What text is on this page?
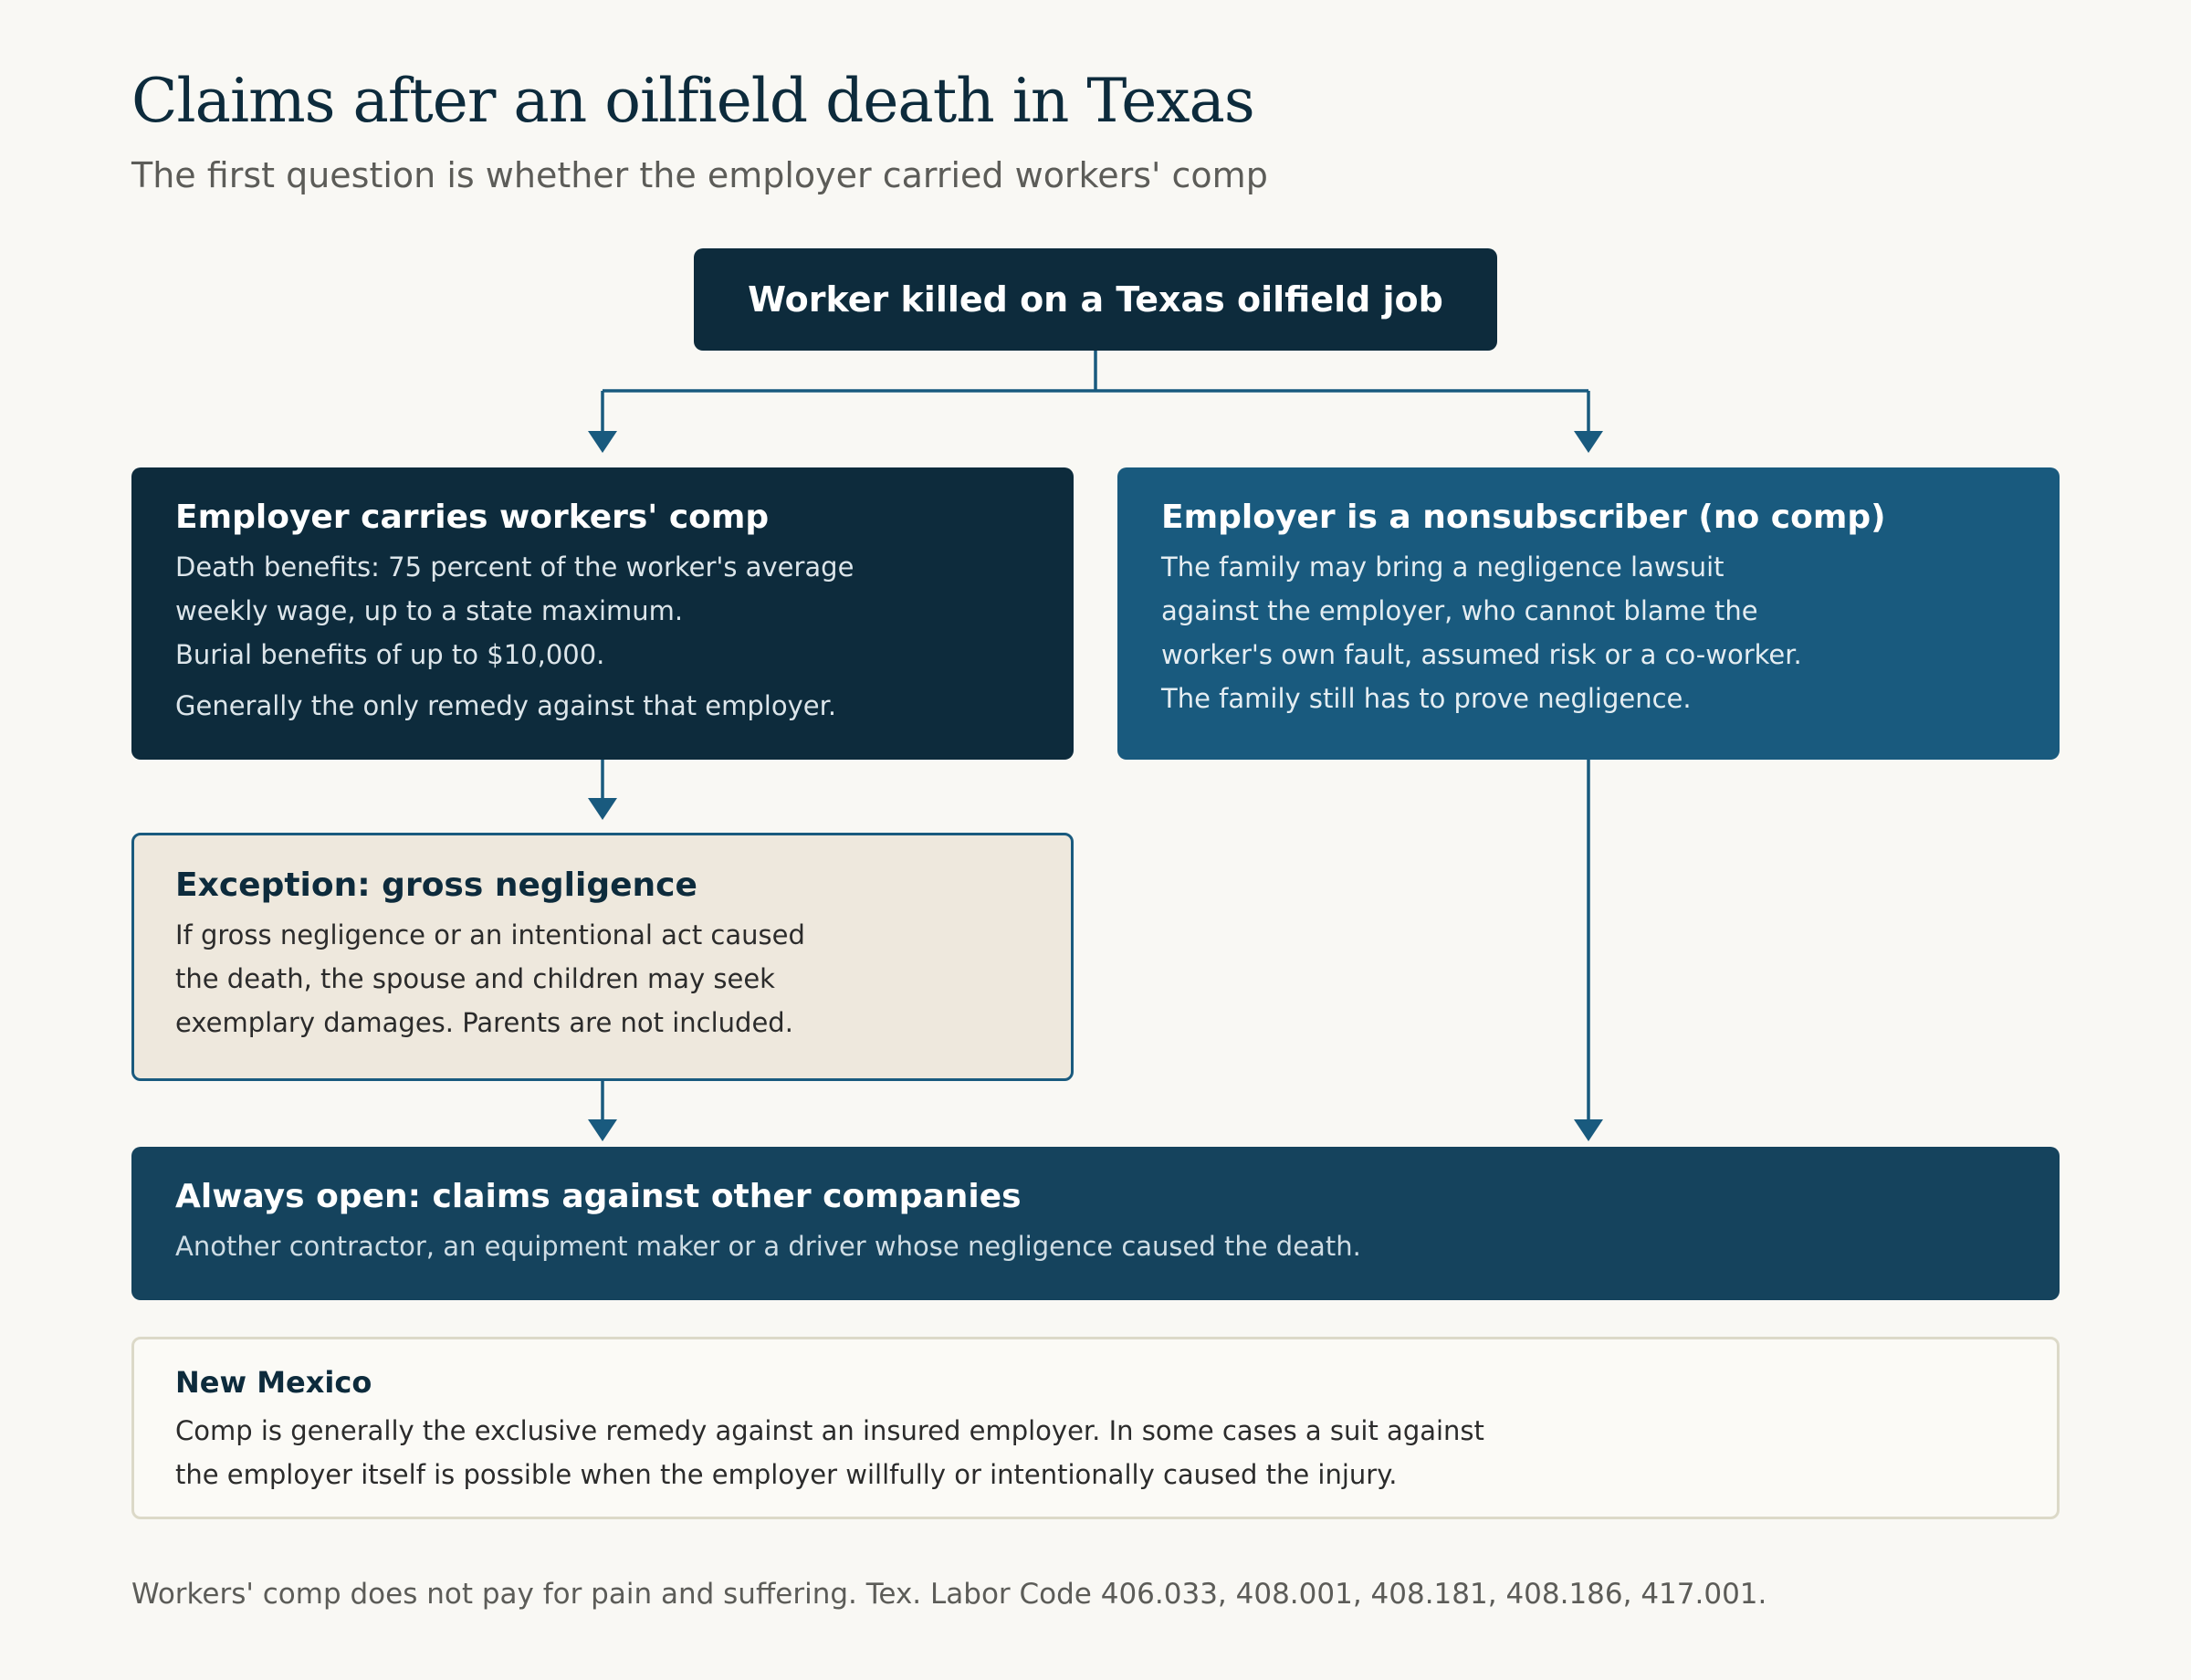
Claims after an oilfield death in Texas
The first question is whether the employer carried workers' comp
Worker killed on a Texas oilfield job
Employer carries workers' comp

Death benefits: 75 percent of the worker's average

weekly wage, up to a state maximum.

Burial benefits of up to $10,000.

Generally the only remedy against that employer.

Employer is a nonsubscriber (no comp)

The family may bring a negligence lawsuit against the employer, who cannot blame the worker's own fault, assumed risk or a co-worker. The family still has to prove negligence.

Exception: gross negligence

If gross negligence or an intentional act caused the death, the spouse and children may seek exemplary damages. Parents are not included.

Always open: claims against other companies

Another contractor, an equipment maker or a driver whose negligence caused the death.

New Mexico

Comp is generally the exclusive remedy against an insured employer. In some cases a suit against the employer itself is possible when the employer willfully or intentionally caused the injury.

Workers' comp does not pay for pain and suffering. Tex. Labor Code 406.033, 408.001, 408.181, 408.186, 417.001.
